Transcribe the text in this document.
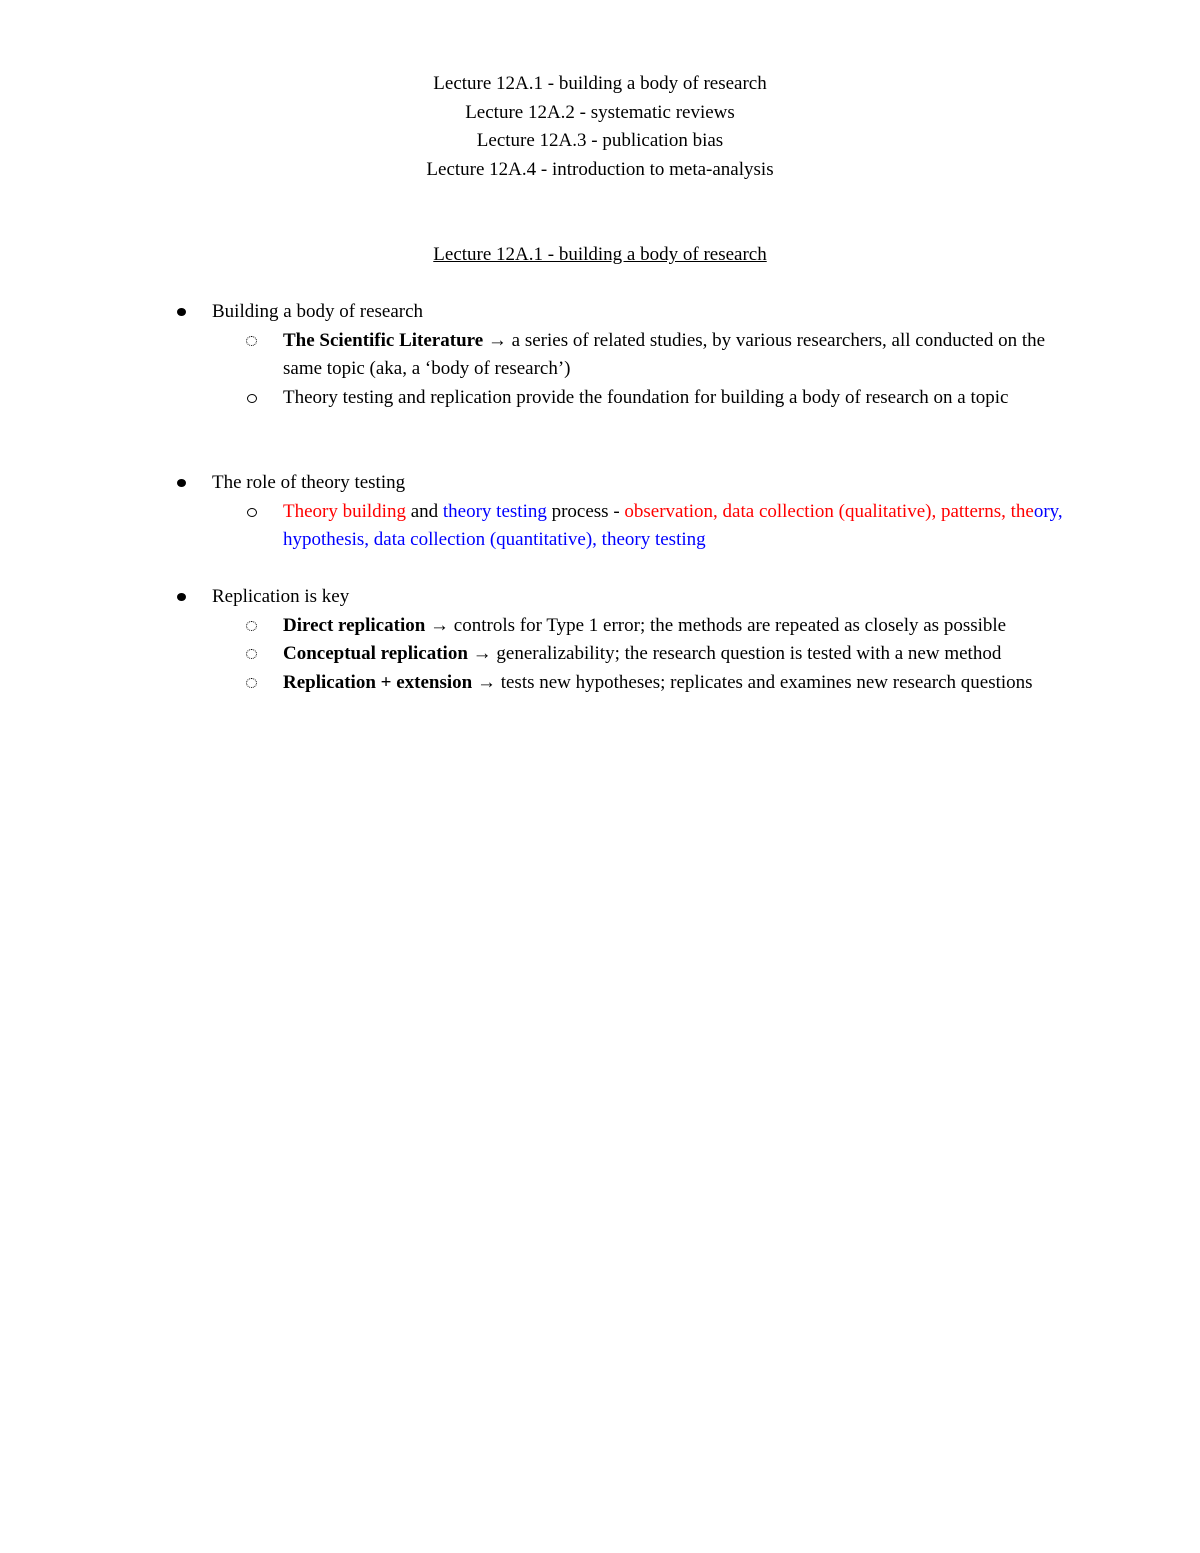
Lecture 12A.1 - building a body of research
Lecture 12A.2 - systematic reviews
Lecture 12A.3 - publication bias
Lecture 12A.4 - introduction to meta-analysis
Lecture 12A.1 - building a body of research
Building a body of research
The Scientific Literature → a series of related studies, by various researchers, all conducted on the same topic (aka, a ‘body of research’)
Theory testing and replication provide the foundation for building a body of research on a topic
The role of theory testing
Theory building and theory testing process - observation, data collection (qualitative), patterns, theory, hypothesis, data collection (quantitative), theory testing
Replication is key
Direct replication → controls for Type 1 error; the methods are repeated as closely as possible
Conceptual replication → generalizability; the research question is tested with a new method
Replication + extension → tests new hypotheses; replicates and examines new research questions
